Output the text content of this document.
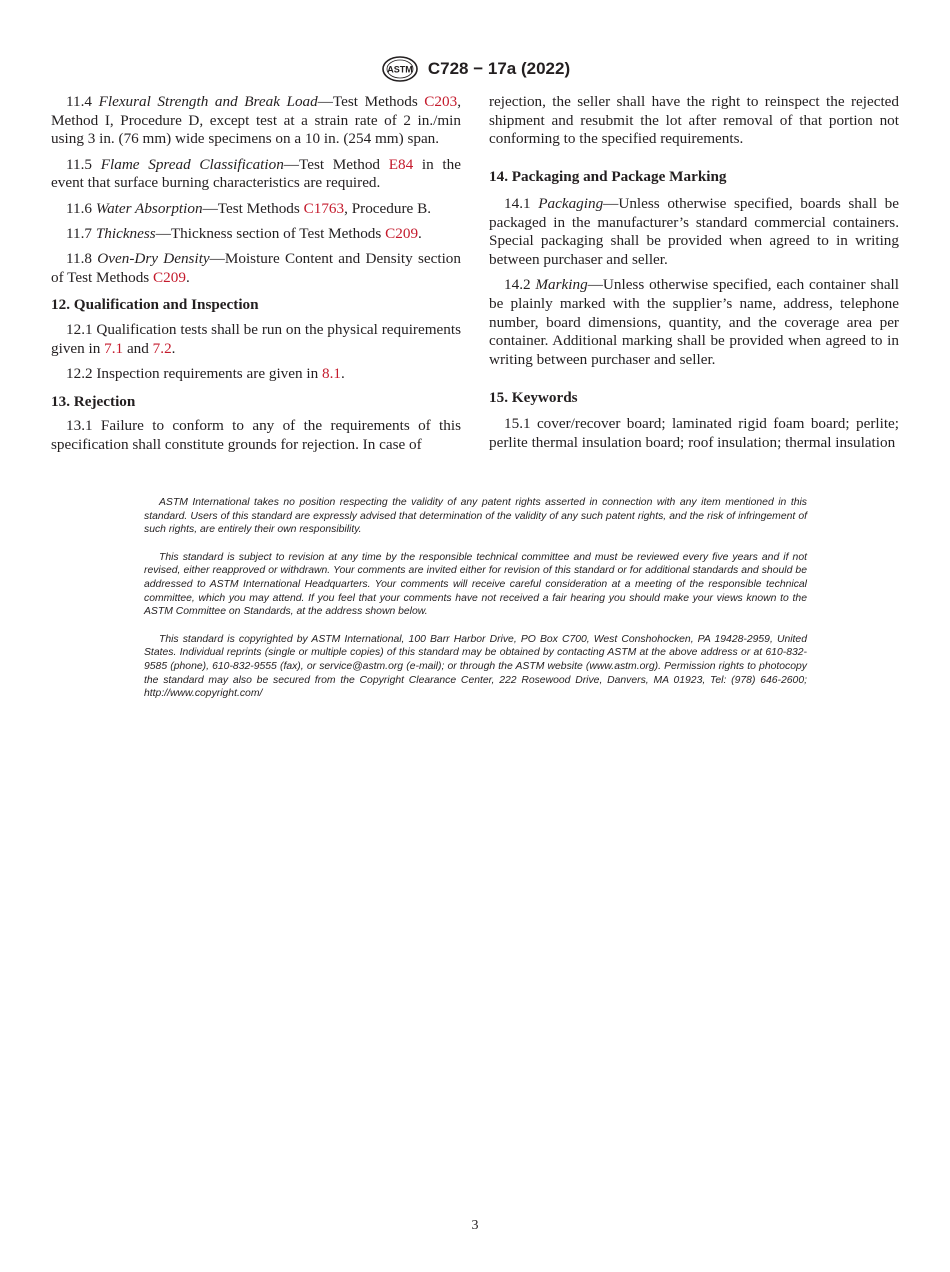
ASTM C728 − 17a (2022)

11.4 Flexural Strength and Break Load—Test Methods C203, Method I, Procedure D, except test at a strain rate of 2 in./min using 3 in. (76 mm) wide specimens on a 10 in. (254 mm) span.

11.5 Flame Spread Classification—Test Method E84 in the event that surface burning characteristics are required.

11.6 Water Absorption—Test Methods C1763, Procedure B.

11.7 Thickness—Thickness section of Test Methods C209.

11.8 Oven-Dry Density—Moisture Content and Density section of Test Methods C209.

12. Qualification and Inspection

12.1 Qualification tests shall be run on the physical requirements given in 7.1 and 7.2.

12.2 Inspection requirements are given in 8.1.

13. Rejection

13.1 Failure to conform to any of the requirements of this specification shall constitute grounds for rejection. In case of

rejection, the seller shall have the right to reinspect the rejected shipment and resubmit the lot after removal of that portion not conforming to the specified requirements.

14. Packaging and Package Marking

14.1 Packaging—Unless otherwise specified, boards shall be packaged in the manufacturer’s standard commercial containers. Special packaging shall be provided when agreed to in writing between purchaser and seller.

14.2 Marking—Unless otherwise specified, each container shall be plainly marked with the supplier’s name, address, telephone number, board dimensions, quantity, and the coverage area per container. Additional marking shall be provided when agreed to in writing between purchaser and seller.

15. Keywords

15.1 cover/recover board; laminated rigid foam board; perlite; perlite thermal insulation board; roof insulation; thermal insulation

ASTM International takes no position respecting the validity of any patent rights asserted in connection with any item mentioned in this standard. Users of this standard are expressly advised that determination of the validity of any such patent rights, and the risk of infringement of such rights, are entirely their own responsibility.

This standard is subject to revision at any time by the responsible technical committee and must be reviewed every five years and if not revised, either reapproved or withdrawn. Your comments are invited either for revision of this standard or for additional standards and should be addressed to ASTM International Headquarters. Your comments will receive careful consideration at a meeting of the responsible technical committee, which you may attend. If you feel that your comments have not received a fair hearing you should make your views known to the ASTM Committee on Standards, at the address shown below.

This standard is copyrighted by ASTM International, 100 Barr Harbor Drive, PO Box C700, West Conshohocken, PA 19428-2959, United States. Individual reprints (single or multiple copies) of this standard may be obtained by contacting ASTM at the above address or at 610-832-9585 (phone), 610-832-9555 (fax), or service@astm.org (e-mail); or through the ASTM website (www.astm.org). Permission rights to photocopy the standard may also be secured from the Copyright Clearance Center, 222 Rosewood Drive, Danvers, MA 01923, Tel: (978) 646-2600; http://www.copyright.com/

3
